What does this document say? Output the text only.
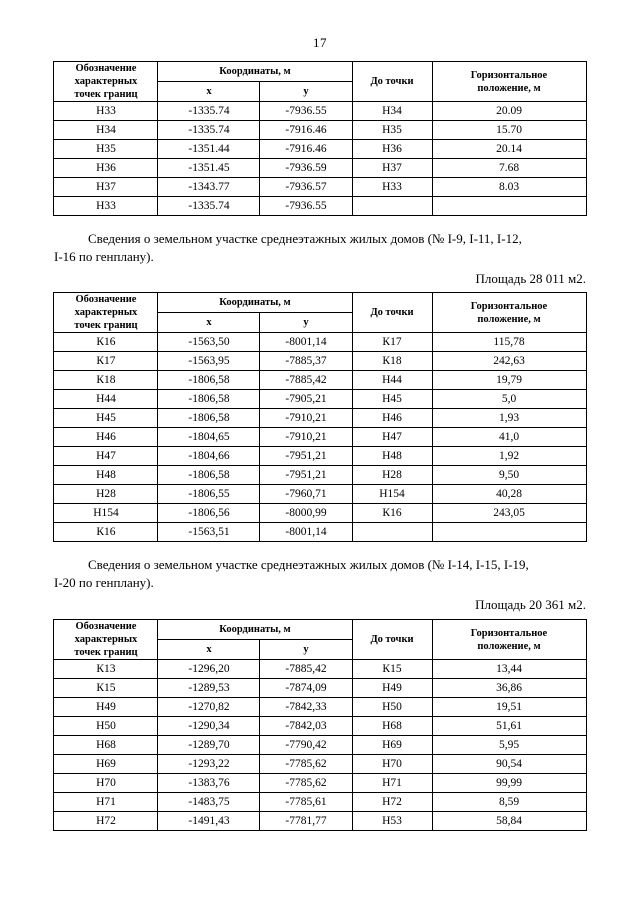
17
Обозначение
характерных
точек границ
	Координаты, м	До точки	
Горизонтальное
положение, м

	x	y		
Н33	-1335.74	-7936.55	Н34	20.09
Н34	-1335.74	-7916.46	Н35	15.70
Н35	-1351.44	-7916.46	Н36	20.14
Н36	-1351.45	-7936.59	Н37	7.68
Н37	-1343.77	-7936.57	Н33	8.03
Н33	-1335.74	-7936.55		
Сведения о земельном участке среднеэтажных жилых домов (№ I-9, I-11, I-12,
I-16 по генплану).
Площадь 28 011 м2.
Обозначение
характерных
точек границ
	Координаты, м	До точки	
Горизонтальное
положение, м

	x	y		
К16	-1563,50	-8001,14	К17	115,78
К17	-1563,95	-7885,37	К18	242,63
К18	-1806,58	-7885,42	Н44	19,79
Н44	-1806,58	-7905,21	Н45	5,0
Н45	-1806,58	-7910,21	Н46	1,93
Н46	-1804,65	-7910,21	Н47	41,0
Н47	-1804,66	-7951,21	Н48	1,92
Н48	-1806,58	-7951,21	Н28	9,50
Н28	-1806,55	-7960,71	Н154	40,28
Н154	-1806,56	-8000,99	К16	243,05
К16	-1563,51	-8001,14		
Сведения о земельном участке среднеэтажных жилых домов (№ I-14, I-15, I-19,
I-20 по генплану).
Площадь 20 361 м2.
Обозначение
характерных
точек границ
	Координаты, м	До точки	
Горизонтальное
положение, м

	x	y		
К13	-1296,20	-7885,42	К15	13,44
К15	-1289,53	-7874,09	Н49	36,86
Н49	-1270,82	-7842,33	Н50	19,51
Н50	-1290,34	-7842,03	Н68	51,61
Н68	-1289,70	-7790,42	Н69	5,95
Н69	-1293,22	-7785,62	Н70	90,54
Н70	-1383,76	-7785,62	Н71	99,99
Н71	-1483,75	-7785,61	Н72	8,59
Н72	-1491,43	-7781,77	Н53	58,84
